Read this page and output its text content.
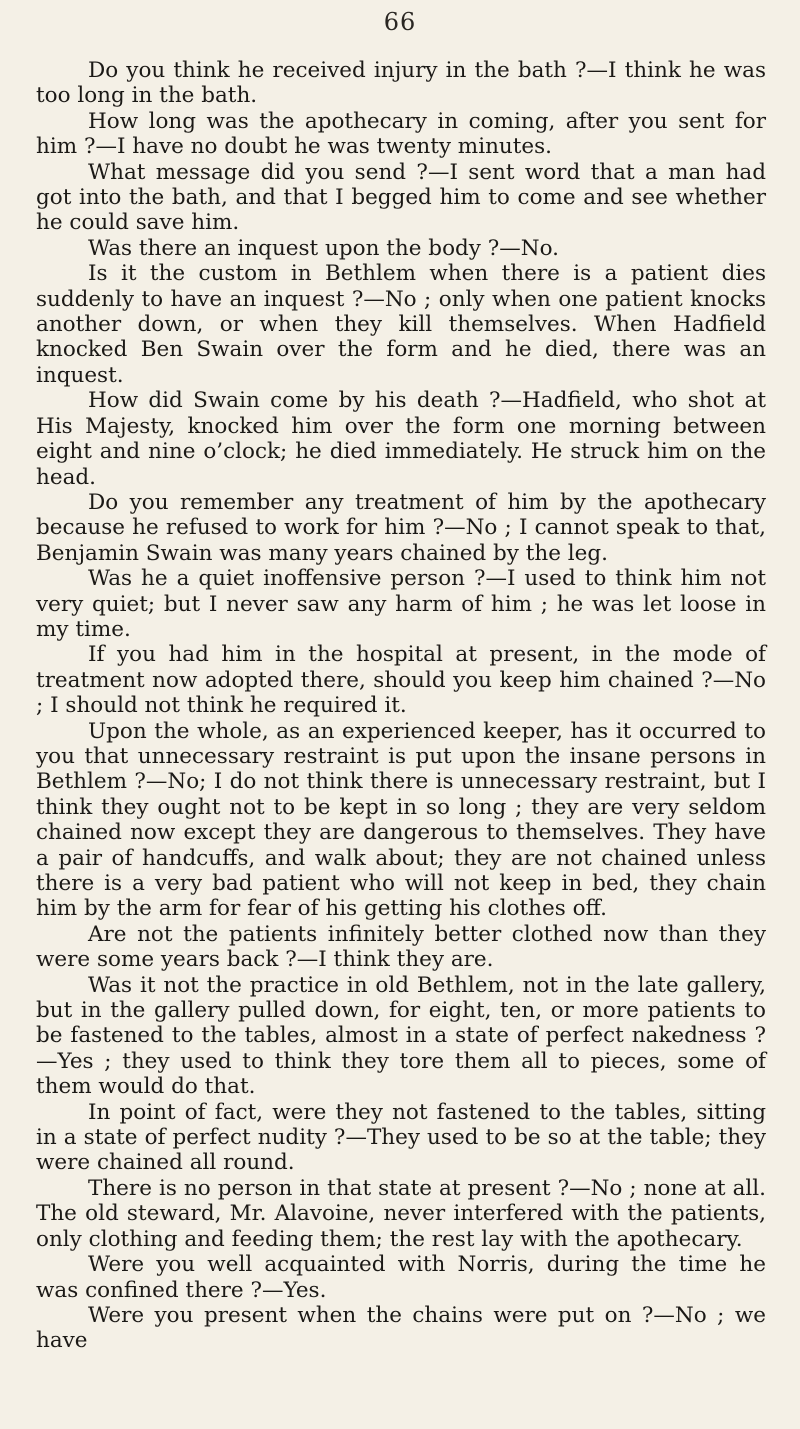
66

Do you think he received injury in the bath ?—I think he was too long in the bath.

How long was the apothecary in coming, after you sent for him ?—I have no doubt he was twenty minutes.

What message did you send ?—I sent word that a man had got into the bath, and that I begged him to come and see whether he could save him.

Was there an inquest upon the body ?—No.

Is it the custom in Bethlem when there is a patient dies suddenly to have an inquest ?—No ; only when one patient knocks another down, or when they kill themselves. When Hadfield knocked Ben Swain over the form and he died, there was an inquest.

How did Swain come by his death ?—Hadfield, who shot at His Majesty, knocked him over the form one morning between eight and nine o’clock; he died immediately. He struck him on the head.

Do you remember any treatment of him by the apothecary because he refused to work for him ?—No ; I cannot speak to that, Benjamin Swain was many years chained by the leg.

Was he a quiet inoffensive person ?—I used to think him not very quiet; but I never saw any harm of him ; he was let loose in my time.

If you had him in the hospital at present, in the mode of treatment now adopted there, should you keep him chained ?—No ; I should not think he required it.

Upon the whole, as an experienced keeper, has it occurred to you that unnecessary restraint is put upon the insane persons in Bethlem ?—No; I do not think there is unnecessary restraint, but I think they ought not to be kept in so long ; they are very seldom chained now except they are dangerous to themselves. They have a pair of handcuffs, and walk about; they are not chained unless there is a very bad patient who will not keep in bed, they chain him by the arm for fear of his getting his clothes off.

Are not the patients infinitely better clothed now than they were some years back ?—I think they are.

Was it not the practice in old Bethlem, not in the late gallery, but in the gallery pulled down, for eight, ten, or more patients to be fastened to the tables, almost in a state of perfect nakedness ?—Yes ; they used to think they tore them all to pieces, some of them would do that.

In point of fact, were they not fastened to the tables, sitting in a state of perfect nudity ?—They used to be so at the table; they were chained all round.

There is no person in that state at present ?—No ; none at all. The old steward, Mr. Alavoine, never interfered with the patients, only clothing and feeding them; the rest lay with the apothecary.

Were you well acquainted with Norris, during the time he was confined there ?—Yes.

Were you present when the chains were put on ?—No ; we have
